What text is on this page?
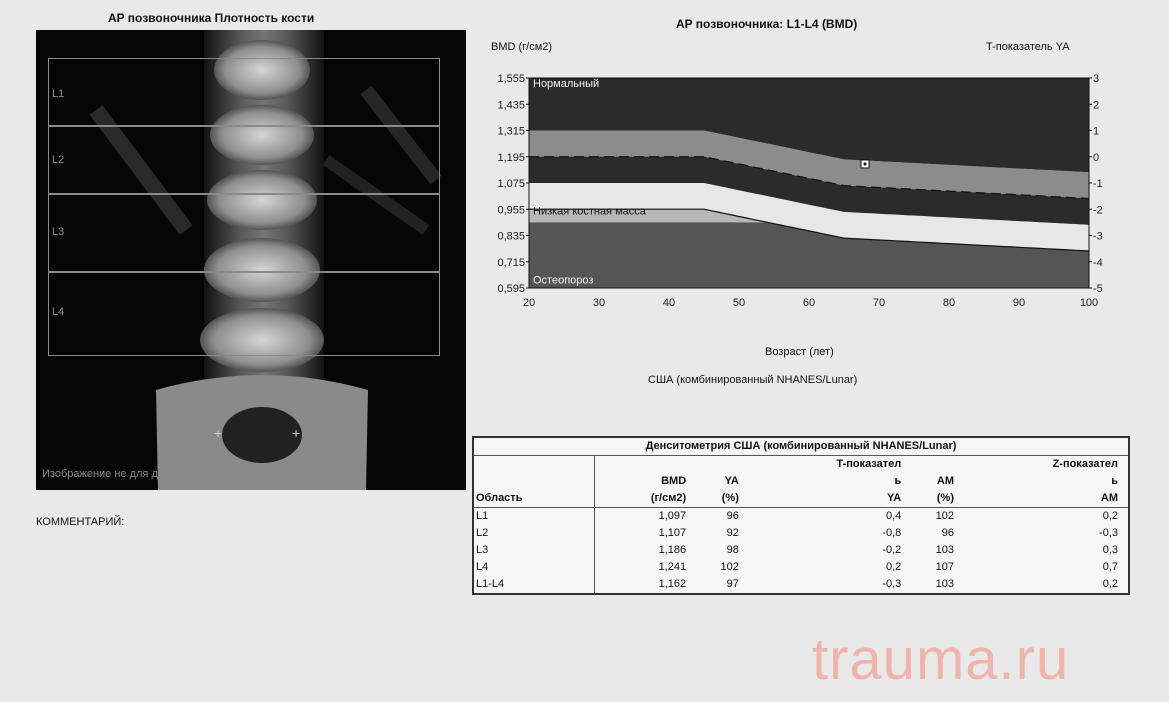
AP позвоночника Плотность кости	AP позвоночника: L1-L4 (BMD)
+	+
L1
L2
L3
L4
Изображение не для диагностического использования
КОММЕНТАРИЙ:
BMD (г/см2)	T-показатель YA
Нормальный
Низкая костная масса
Остеопороз
1,555
1,435
1,315
1,195
1,075
0,955
0,835
0,715
0,595
3
2
1
0
-1
-2
-3
-4
-5
20	30	40	50	60	70	80	90	100
Возраст (лет)
США (комбинированный NHANES/Lunar)
Денситометрия США (комбинированный NHANES/Lunar)						
			T-показател		Z-показател	
	BMD	YA	ь	AM	ь	
Область	(г/см2)	(%)	YA	(%)	AM	
L1	1,097	96	0,4	102	0,2	
L2	1,107	92	-0,8	96	-0,3	
L3	1,186	98	-0,2	103	0,3	
L4	1,241	102	0,2	107	0,7	
L1-L4	1,162	97	-0,3	103	0,2	
trauma.ru
